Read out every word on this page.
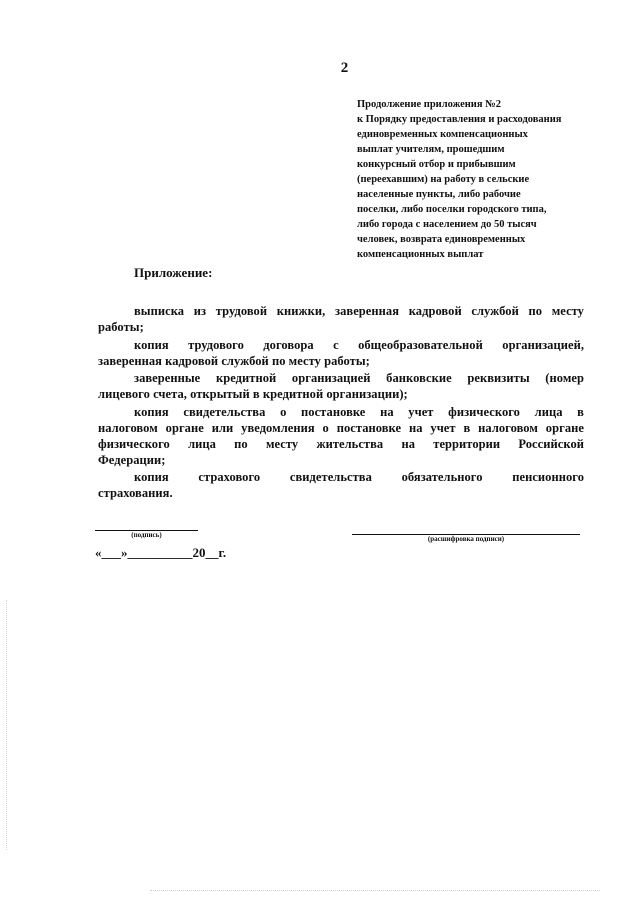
2
Продолжение приложения №2
к Порядку предоставления и расходования
единовременных компенсационных
выплат учителям, прошедшим
конкурсный отбор и прибывшим
(переехавшим) на работу в сельские
населенные пункты, либо рабочие
поселки, либо поселки городского типа,
либо города с населением до 50 тысяч
человек, возврата единовременных
компенсационных выплат
Приложение:
выписка из трудовой книжки, заверенная кадровой службой по месту
работы;
копия трудового договора с общеобразовательной организацией,
заверенная кадровой службой по месту работы;
заверенные кредитной организацией банковские реквизиты (номер
лицевого счета, открытый в кредитной организации);
копия свидетельства о постановке на учет физического лица в
налоговом органе или уведомления о постановке на учет в налоговом органе
физического лица по месту жительства на территории Российской
Федерации;
копия страхового свидетельства обязательного пенсионного
страхования.
(подпись)	(расшифровка подписи)
«___»__________20__г.
